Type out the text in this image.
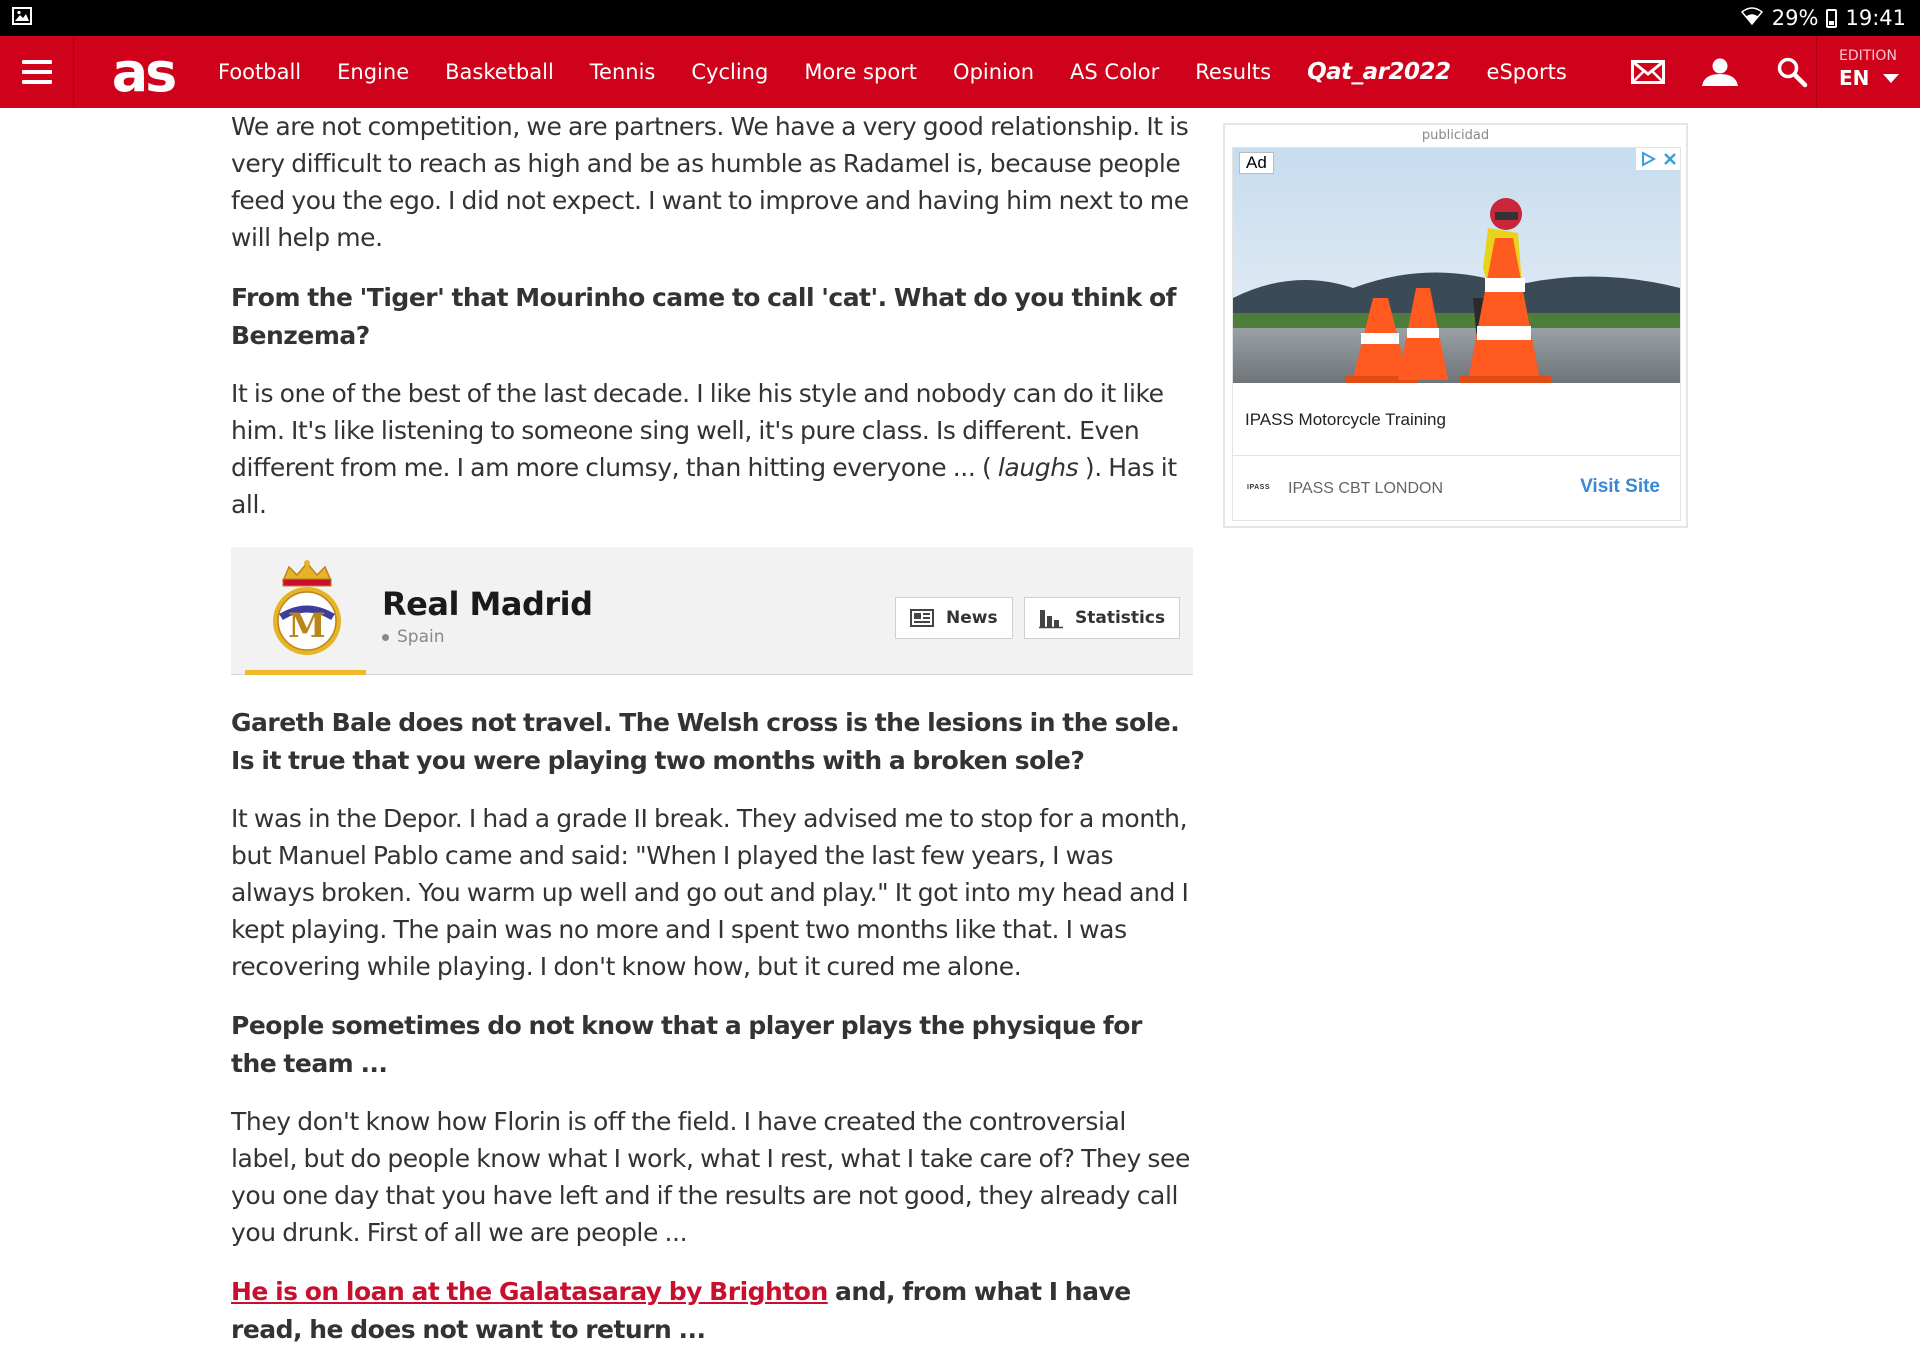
29% 19:41
as	Football Engine Basketball Tennis Cycling More sport Opinion AS Color Results Qat_ar2022 eSports
EDITION
EN

We are not competition, we are partners. We have a very good relationship. It is very difficult to reach as high and be as humble as Radamel is, because people feed you the ego. I did not expect. I want to improve and having him next to me will help me.

From the 'Tiger' that Mourinho came to call 'cat'. What do you think of Benzema?

It is one of the best of the last decade. I like his style and nobody can do it like him. It's like listening to someone sing well, it's pure class. Is different. Even different from me. I am more clumsy, than hitting everyone ... ( laughs ). Has it all.

M
Real Madrid
Spain
News	Statistics

Gareth Bale does not travel. The Welsh cross is the lesions in the sole. Is it true that you were playing two months with a broken sole?

It was in the Depor. I had a grade II break. They advised me to stop for a month, but Manuel Pablo came and said: "When I played the last few years, I was always broken. You warm up well and go out and play." It got into my head and I kept playing. The pain was no more and I spent two months like that. I was recovering while playing. I don't know how, but it cured me alone.

People sometimes do not know that a player plays the physique for the team ...

They don't know how Florin is off the field. I have created the controversial label, but do people know what I work, what I rest, what I take care of? They see you one day that you have left and if the results are not good, they already call you drunk. First of all we are people ...

He is on loan at the Galatasaray by Brighton and, from what I have read, he does not want to return ...

publicidad
Ad
IPASS Motorcycle Training
IPASS IPASS CBT LONDON	Visit Site
